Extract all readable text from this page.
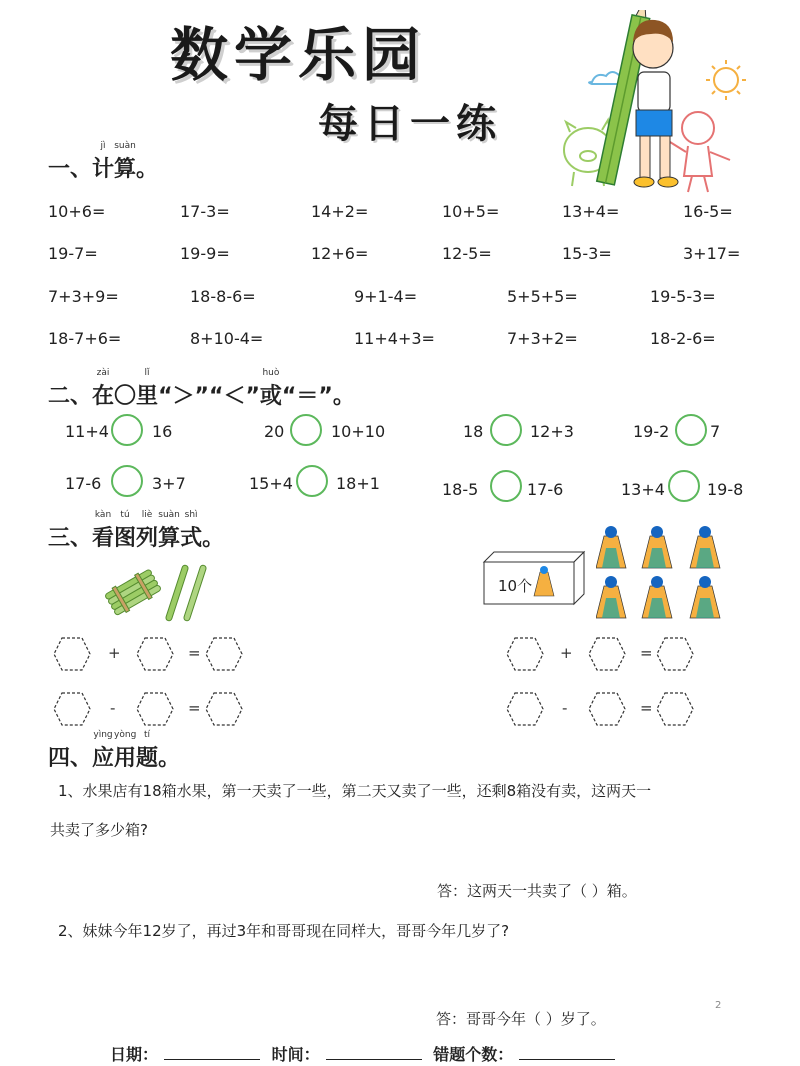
数学乐园
每日一练
一、
jì
计
suàn
算。
10+6=	17-3=	14+2=	10+5=	13+4=	16-5=
19-7=	19-9=	12+6=	12-5=	15-3=	3+17=
7+3+9=	18-8-6=	9+1-4=	5+5+5=	19-5-3=
18-7+6=	8+10-4=	11+4+3=	7+3+2=	18-2-6=
二、
zài
在〇
lǐ
里“＞”“＜”
huò
或“＝”。
11+4	16	20	10+10	18	12+3	19-2	7
17-6	3+7	15+4	18+1	18-5	17-6	13+4	19-8
三、
kàn
看
tú
图
liè
列
suàn
算
shì
式。
10个
+	=
-	=
+	=
-	=
四、
yìng
应
yòng
用
tí
题。
1、水果店有18箱水果，第一天卖了一些，第二天又卖了一些，还剩8箱没有卖，这两天一
共卖了多少箱?
答：这两天一共卖了（ ）箱。
2、妹妹今年12岁了，再过3年和哥哥现在同样大，哥哥今年几岁了?
2
答：哥哥今年（ ）岁了。
日期：	时间：	错题个数：
